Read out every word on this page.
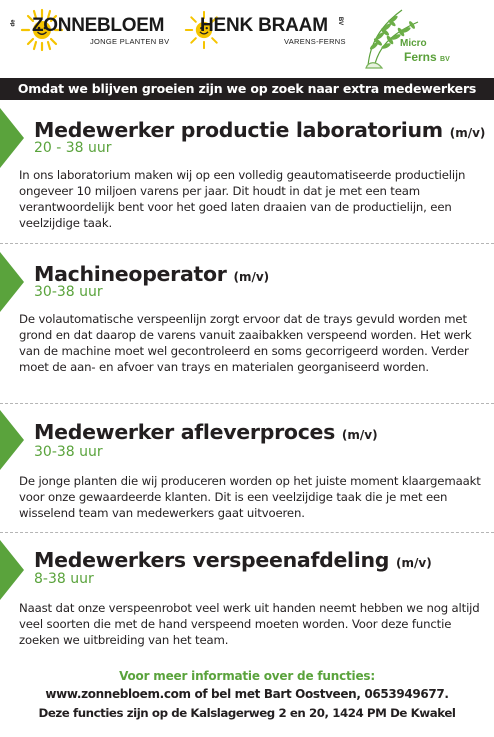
de ZONNEBLOEM
JONGE PLANTEN BV
HENK BRAAM BV
VARENS-FERNS	Micro
Ferns BV
Omdat we blijven groeien zijn we op zoek naar extra medewerkers
Medewerker productie laboratorium (m/v)
20 - 38 uur
In ons laboratorium maken wij op een volledig geautomatiseerde productielijn ongeveer 10 miljoen varens per jaar. Dit houdt in dat je met een team verantwoordelijk bent voor het goed laten draaien van de productielijn, een veelzijdige taak.
Machineoperator (m/v)
30-38 uur
De volautomatische verspeenlijn zorgt ervoor dat de trays gevuld worden met grond en dat daarop de varens vanuit zaaibakken verspeend worden. Het werk van de machine moet wel gecontroleerd en soms gecorrigeerd worden. Verder moet de aan- en afvoer van trays en materialen georganiseerd worden.
Medewerker afleverproces (m/v)
30-38 uur
De jonge planten die wij produceren worden op het juiste moment klaargemaakt voor onze gewaardeerde klanten. Dit is een veelzijdige taak die je met een wisselend team van medewerkers gaat uitvoeren.
Medewerkers verspeenafdeling (m/v)
8-38 uur
Naast dat onze verspeenrobot veel werk uit handen neemt hebben we nog altijd veel soorten die met de hand verspeend moeten worden. Voor deze functie zoeken we uitbreiding van het team.
Voor meer informatie over de functies:
www.zonnebloem.com of bel met Bart Oostveen, 0653949677.
Deze functies zijn op de Kalslagerweg 2 en 20, 1424 PM De Kwakel
